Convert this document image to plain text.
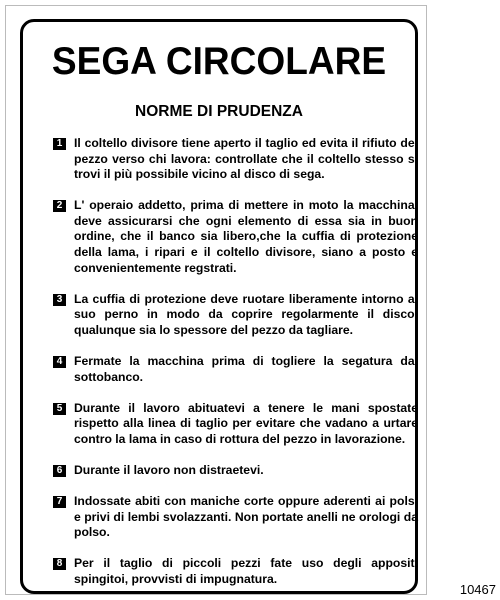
SEGA CIRCOLARE
NORME DI PRUDENZA
1 Il coltello divisore tiene aperto il taglio ed evita il rifiuto del pezzo verso chi lavora: controllate che il coltello stesso si trovi il più possibile vicino al disco di sega.
2 L' operaio addetto, prima di mettere in moto la macchina, deve assicurarsi che ogni elemento di essa sia in buon ordine, che il banco sia libero,che la cuffia di protezione della lama, i ripari e il coltello divisore, siano a posto e convenientemente regstrati.
3 La cuffia di protezione deve ruotare liberamente intorno al suo perno in modo da coprire regolarmente il disco, qualunque sia lo spessore del pezzo da tagliare.
4 Fermate la macchina prima di togliere la segatura dal sottobanco.
5 Durante il lavoro abituatevi a tenere le mani spostate rispetto alla linea di taglio per evitare che vadano a urtare contro la lama in caso di rottura del pezzo in lavorazione.
6 Durante il lavoro non distraetevi.
7 Indossate abiti con maniche corte oppure aderenti ai polsi e privi di lembi svolazzanti. Non portate anelli ne orologi da polso.
8 Per il taglio di piccoli pezzi fate uso degli appositi spingitoi, provvisti di impugnatura.
10467
